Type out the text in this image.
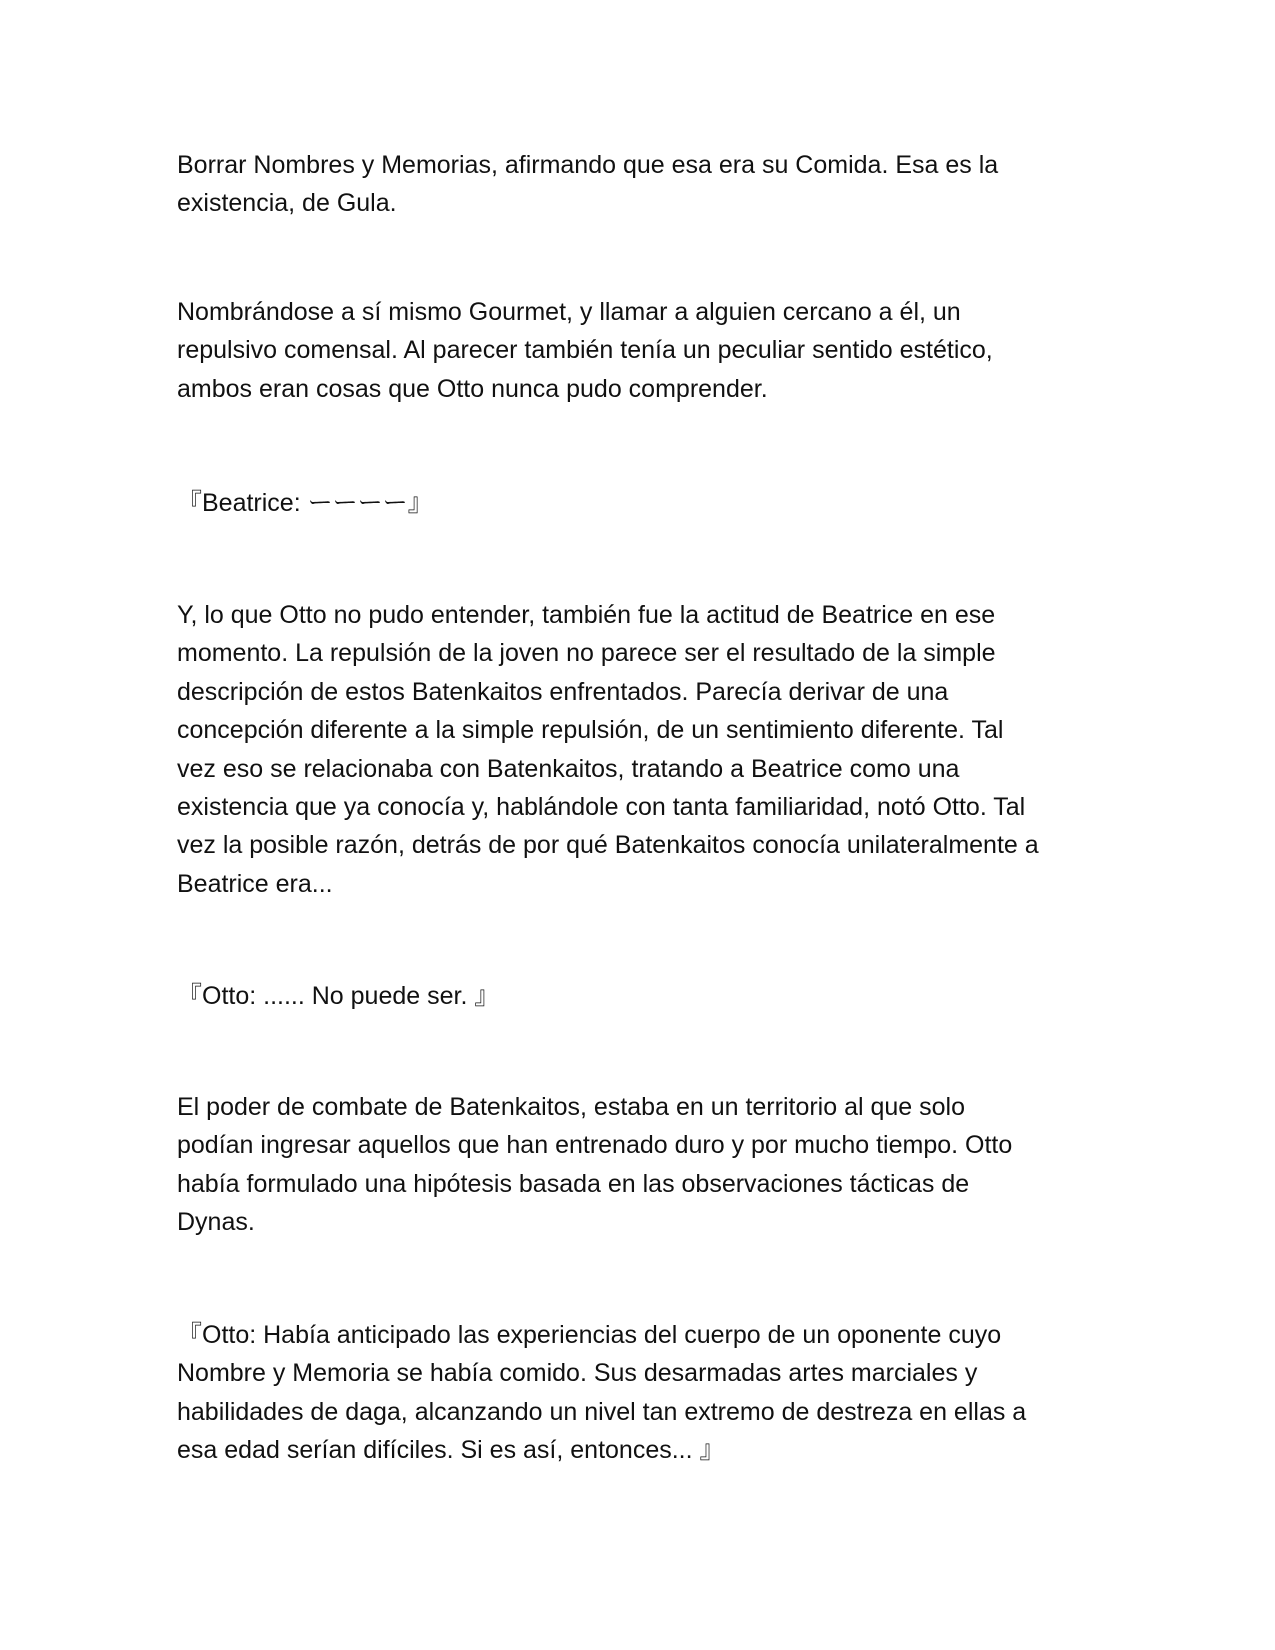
Borrar Nombres y Memorias, afirmando que esa era su Comida. Esa es la
existencia, de Gula.

Nombrándose a sí mismo Gourmet, y llamar a alguien cercano a él, un
repulsivo comensal. Al parecer también tenía un peculiar sentido estético,
ambos eran cosas que Otto nunca pudo comprender.

『Beatrice: ーーーー』

Y, lo que Otto no pudo entender, también fue la actitud de Beatrice en ese
momento. La repulsión de la joven no parece ser el resultado de la simple
descripción de estos Batenkaitos enfrentados. Parecía derivar de una
concepción diferente a la simple repulsión, de un sentimiento diferente. Tal
vez eso se relacionaba con Batenkaitos, tratando a Beatrice como una
existencia que ya conocía y, hablándole con tanta familiaridad, notó Otto. Tal
vez la posible razón, detrás de por qué Batenkaitos conocía unilateralmente a
Beatrice era...

『Otto: ...... No puede ser. 』

El poder de combate de Batenkaitos, estaba en un territorio al que solo
podían ingresar aquellos que han entrenado duro y por mucho tiempo. Otto
había formulado una hipótesis basada en las observaciones tácticas de
Dynas.

『Otto: Había anticipado las experiencias del cuerpo de un oponente cuyo
Nombre y Memoria se había comido. Sus desarmadas artes marciales y
habilidades de daga, alcanzando un nivel tan extremo de destreza en ellas a
esa edad serían difíciles. Si es así, entonces... 』
